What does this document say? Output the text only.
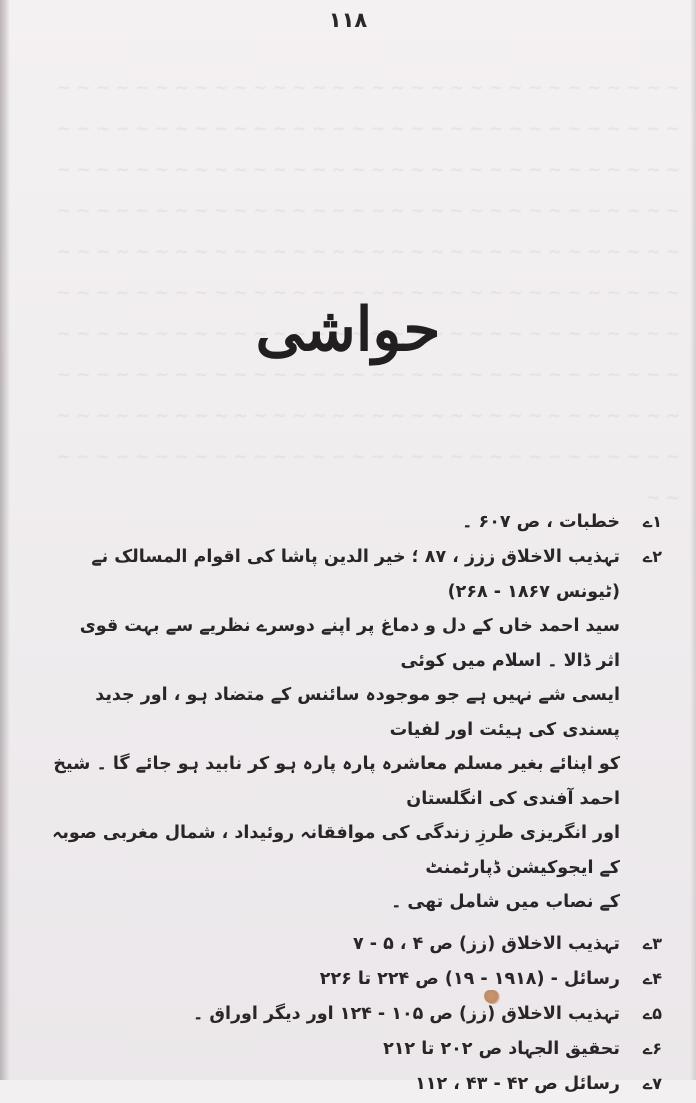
١١٨
~ ~ ~ ~ ~ ~ ~ ~ ~ ~ ~ ~ ~ ~ ~ ~ ~ ~ ~ ~ ~ ~ ~ ~ ~ ~ ~ ~ ~ ~ ~ ~ ~ ~ ~ ~ ~ ~ ~ ~ ~ ~ ~ ~ ~ ~ ~ ~ ~ ~ ~ ~ ~ ~ ~ ~ ~ ~ ~ ~ ~ ~ ~ ~ ~ ~ ~ ~ ~ ~ ~ ~ ~ ~ ~ ~ ~ ~ ~ ~ ~ ~ ~ ~ ~ ~ ~ ~ ~ ~ ~ ~ ~ ~ ~ ~ ~ ~ ~ ~ ~ ~ ~ ~ ~ ~ ~ ~ ~ ~ ~ ~ ~ ~ ~ ~ ~ ~ ~ ~ ~ ~ ~ ~ ~ ~ ~ ~ ~ ~ ~ ~ ~ ~ ~ ~ ~ ~ ~ ~ ~ ~ ~ ~ ~ ~ ~ ~ ~ ~ ~ ~ ~ ~ ~ ~ ~ ~ ~ ~ ~ ~ ~ ~ ~ ~ ~ ~ ~ ~ ~ ~ ~ ~ ~ ~ ~ ~ ~ ~ ~ ~ ~ ~ ~ ~ ~ ~ ~ ~ ~ ~ ~ ~ ~ ~ ~ ~ ~ ~ ~ ~ ~ ~ ~ ~ ~ ~ ~ ~ ~ ~ ~ ~ ~ ~ ~ ~ ~ ~ ~ ~ ~ ~ ~ ~ ~ ~ ~ ~ ~ ~ ~ ~ ~ ~ ~ ~ ~ ~ ~ ~ ~ ~ ~ ~ ~ ~ ~ ~ ~ ~ ~ ~ ~ ~ ~ ~ ~ ~ ~ ~ ~ ~ ~ ~ ~ ~ ~ ~ ~ ~ ~ ~ ~ ~ ~ ~ ~ ~ ~ ~ ~ ~ ~ ~ ~ ~ ~ ~ ~ ~ ~ ~ ~ ~ ~ ~ ~ ~ ~ ~ ~ ~ ~ ~ ~ ~ ~ ~ ~ ~ ~ ~ ~ ~ ~ ~ ~ ~ ~ ~
حواشی
۱ے
خطبات ، ص ۶۰۷ ۔
۲ے
تہذیب الاخلاق ززز ، ۸۷ ؛ خیر الدین پاشا کی اقوام المسالک نے (ٹیونس ۱۸۶۷ - ۲۶۸)
سید احمد خاں کے دل و دماغ پر اپنے دوسرے نظریے سے بہت قوی اثر ڈالا ۔ اسلام میں کوئی
ایسی شے نہیں ہے جو موجودہ سائنس کے متضاد ہو ، اور جدید پسندی کی ہیئت اور لفیات
کو اپنائے بغیر مسلم معاشرہ پارہ پارہ ہو کر نابید ہو جائے گا ۔ شیخ احمد آفندی کی انگلستان
اور انگریزی طرزِ زندگی کی موافقانہ روئیداد ، شمال مغربی صوبہ کے ایجوکیشن ڈپارٹمنٹ
کے نصاب میں شامل تھی ۔
۳ے
تہذیب الاخلاق (زز) ص ۴ ، ۵ - ۷
۴ے
رسائل - (۱۹۱۸ - ۱۹) ص ۲۲۴ تا ۲۲۶
۵ے
تہذیب الاخلاق (زز) ص ۱۰۵ - ۱۲۴ اور دیگر اوراق ۔
۶ے
تحقیق الجہاد ص ۲۰۲ تا ۲۱۲
۷ے
رسائل ص ۴۲ - ۴۳ ، ۱۱۲
